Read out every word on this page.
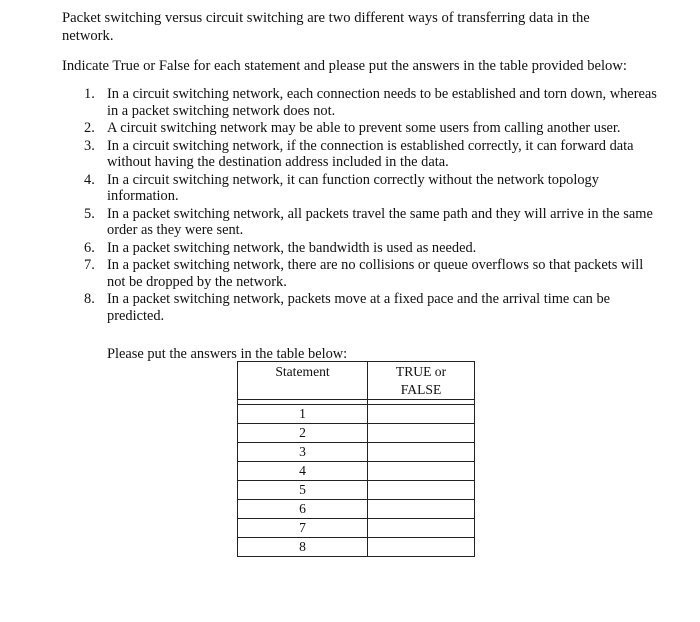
Packet switching versus circuit switching are two different ways of transferring data in the network.

Indicate True or False for each statement and please put the answers in the table provided below:

1. In a circuit switching network, each connection needs to be established and torn down, whereas in a packet switching network does not.
2. A circuit switching network may be able to prevent some users from calling another user.
3. In a circuit switching network, if the connection is established correctly, it can forward data without having the destination address included in the data.
4. In a circuit switching network, it can function correctly without the network topology information.
5. In a packet switching network, all packets travel the same path and they will arrive in the same order as they were sent.
6. In a packet switching network, the bandwidth is used as needed.
7. In a packet switching network, there are no collisions or queue overflows so that packets will not be dropped by the network.
8. In a packet switching network, packets move at a fixed pace and the arrival time can be predicted.

Please put the answers in the table below:

Statement	TRUE or
FALSE

1	
2	
3	
4	
5	
6	
7	
8	
